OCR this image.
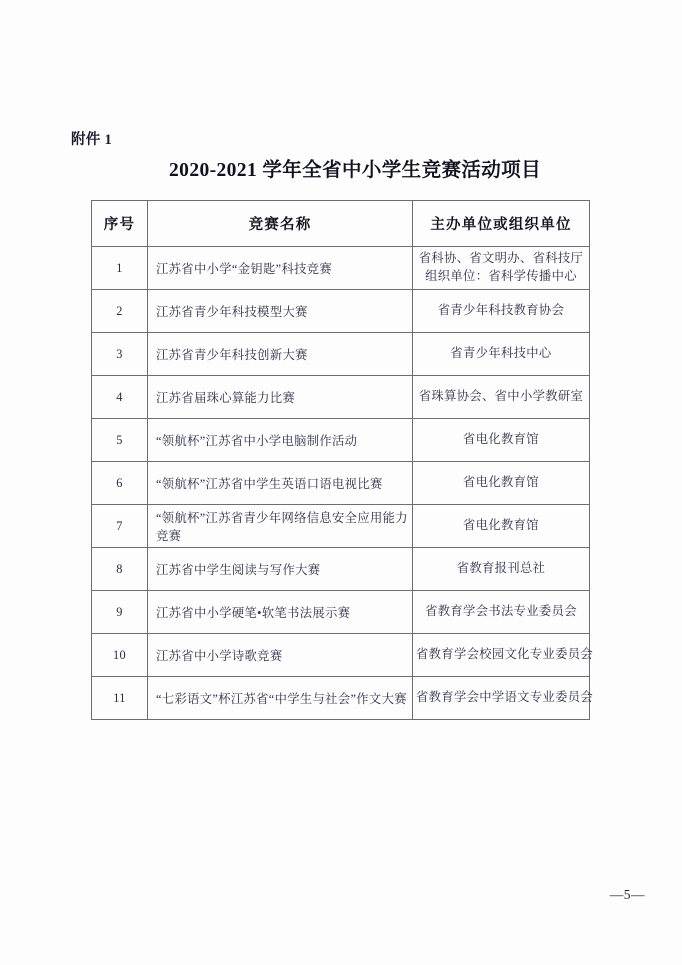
附件 1
2020-2021 学年全省中小学生竞赛活动项目
序号	竞赛名称	主办单位或组织单位
1	江苏省中小学“金钥匙”科技竞赛	省科协、省文明办、省科技厅
组织单位：省科学传播中心

2	江苏省青少年科技模型大赛	省青少年科技教育协会

3	江苏省青少年科技创新大赛	省青少年科技中心

4	江苏省届珠心算能力比赛	省珠算协会、省中小学教研室

5	“领航杯”江苏省中小学电脑制作活动	省电化教育馆

6	“领航杯”江苏省中学生英语口语电视比赛	省电化教育馆

7	“领航杯”江苏省青少年网络信息安全应用能力竞赛	省电化教育馆

8	江苏省中学生阅读与写作大赛	省教育报刊总社

9	江苏省中小学硬笔•软笔书法展示赛	省教育学会书法专业委员会

10	江苏省中小学诗歌竞赛	省教育学会校园文化专业委员会

11	“七彩语文”杯江苏省“中学生与社会”作文大赛	省教育学会中学语文专业委员会
—5—
